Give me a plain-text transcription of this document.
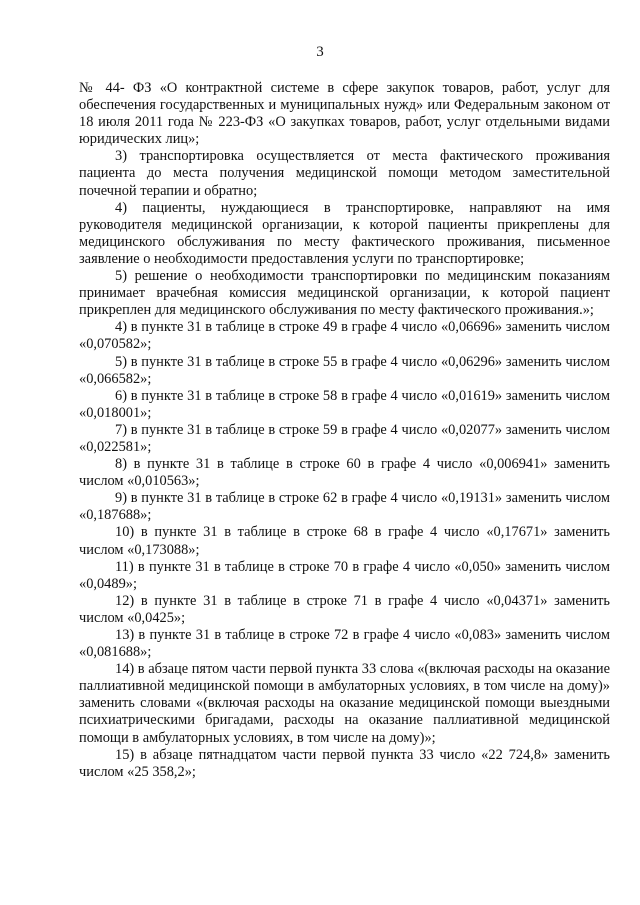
3

№ 44- ФЗ «О контрактной системе в сфере закупок товаров, работ, услуг для обеспечения государственных и муниципальных нужд» или Федеральным законом от 18 июля 2011 года № 223-ФЗ «О закупках товаров, работ, услуг отдельными видами юридических лиц»;

3) транспортировка осуществляется от места фактического проживания пациента до места получения медицинской помощи методом заместительной почечной терапии и обратно;

4) пациенты, нуждающиеся в транспортировке, направляют на имя руководителя медицинской организации, к которой пациенты прикреплены для медицинского обслуживания по месту фактического проживания, письменное заявление о необходимости предоставления услуги по транспортировке;

5) решение о необходимости транспортировки по медицинским показаниям принимает врачебная комиссия медицинской организации, к которой пациент прикреплен для медицинского обслуживания по месту фактического проживания.»;

4) в пункте 31 в таблице в строке 49 в графе 4 число «0,06696» заменить числом «0,070582»;

5) в пункте 31 в таблице в строке 55 в графе 4 число «0,06296» заменить числом «0,066582»;

6) в пункте 31 в таблице в строке 58 в графе 4 число «0,01619» заменить числом «0,018001»;

7) в пункте 31 в таблице в строке 59 в графе 4 число «0,02077» заменить числом «0,022581»;

8) в пункте 31 в таблице в строке 60 в графе 4 число «0,006941» заменить числом «0,010563»;

9) в пункте 31 в таблице в строке 62 в графе 4 число «0,19131» заменить числом «0,187688»;

10) в пункте 31 в таблице в строке 68 в графе 4 число «0,17671» заменить числом «0,173088»;

11) в пункте 31 в таблице в строке 70 в графе 4 число «0,050» заменить числом «0,0489»;

12) в пункте 31 в таблице в строке 71 в графе 4 число «0,04371» заменить числом «0,0425»;

13) в пункте 31 в таблице в строке 72 в графе 4 число «0,083» заменить числом «0,081688»;

14) в абзаце пятом части первой пункта 33 слова «(включая расходы на оказание паллиативной медицинской помощи в амбулаторных условиях, в том числе на дому)» заменить словами «(включая расходы на оказание медицинской помощи выездными психиатрическими бригадами, расходы на оказание паллиативной медицинской помощи в амбулаторных условиях, в том числе на дому)»;

15) в абзаце пятнадцатом части первой пункта 33 число «22 724,8» заменить числом «25 358,2»;
